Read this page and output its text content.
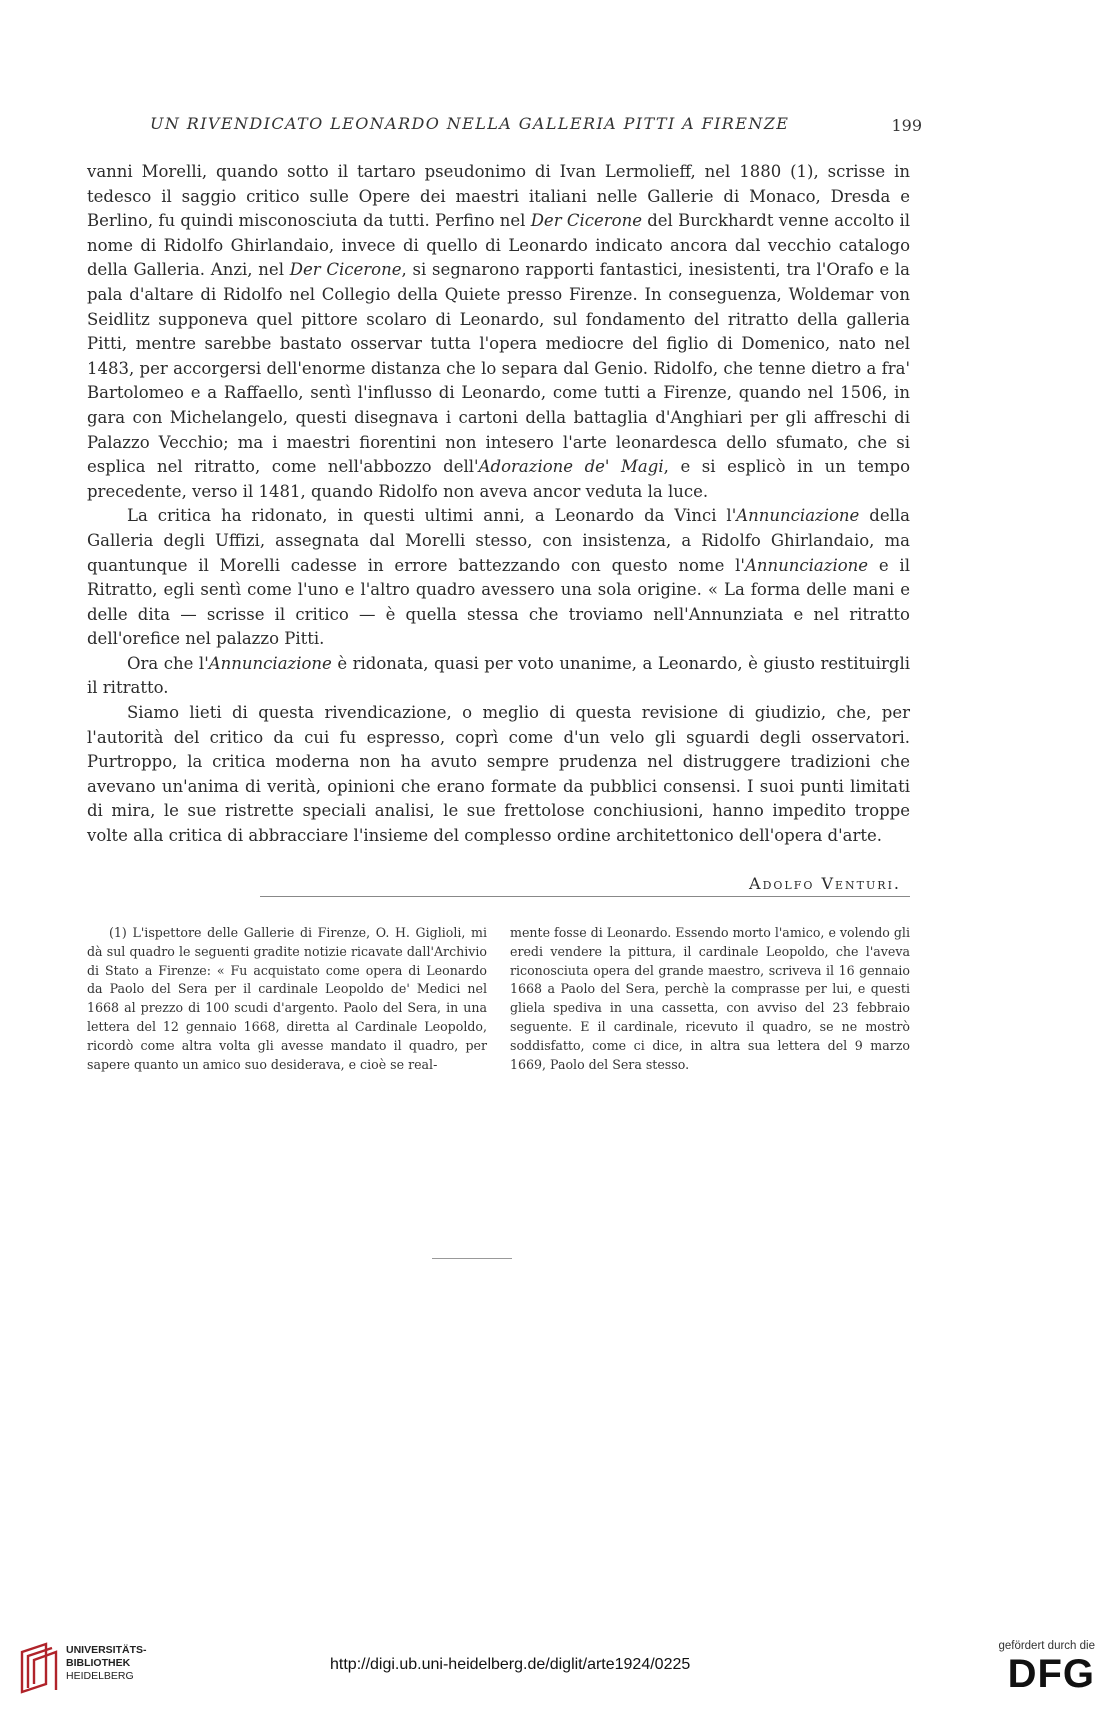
UN RIVENDICATO LEONARDO NELLA GALLERIA PITTI A FIRENZE	199

vanni Morelli, quando sotto il tartaro pseudonimo di Ivan Lermolieff, nel 1880 (1), scrisse in tedesco il saggio critico sulle Opere dei maestri italiani nelle Gallerie di Monaco, Dresda e Berlino, fu quindi misconosciuta da tutti. Perfino nel Der Cicerone del Burckhardt venne accolto il nome di Ridolfo Ghirlandaio, invece di quello di Leonardo indicato ancora dal vecchio catalogo della Galleria. Anzi, nel Der Cicerone, si segnarono rapporti fantastici, inesistenti, tra l'Orafo e la pala d'altare di Ridolfo nel Collegio della Quiete presso Firenze. In conseguenza, Woldemar von Seidlitz supponeva quel pittore scolaro di Leonardo, sul fondamento del ritratto della galleria Pitti, mentre sarebbe bastato osservar tutta l'opera mediocre del figlio di Domenico, nato nel 1483, per accorgersi dell'enorme distanza che lo separa dal Genio. Ridolfo, che tenne dietro a fra' Bartolomeo e a Raffaello, sentì l'influsso di Leonardo, come tutti a Firenze, quando nel 1506, in gara con Michelangelo, questi disegnava i cartoni della battaglia d'Anghiari per gli affreschi di Palazzo Vecchio; ma i maestri fiorentini non intesero l'arte leonardesca dello sfumato, che si esplica nel ritratto, come nell'abbozzo dell'Adorazione de' Magi, e si esplicò in un tempo precedente, verso il 1481, quando Ridolfo non aveva ancor veduta la luce.

La critica ha ridonato, in questi ultimi anni, a Leonardo da Vinci l'Annunciazione della Galleria degli Uffizi, assegnata dal Morelli stesso, con insistenza, a Ridolfo Ghirlandaio, ma quantunque il Morelli cadesse in errore battezzando con questo nome l'Annunciazione e il Ritratto, egli sentì come l'uno e l'altro quadro avessero una sola origine. « La forma delle mani e delle dita — scrisse il critico — è quella stessa che troviamo nell'Annunziata e nel ritratto dell'orefice nel palazzo Pitti.

Ora che l'Annunciazione è ridonata, quasi per voto unanime, a Leonardo, è giusto restituirgli il ritratto.

Siamo lieti di questa rivendicazione, o meglio di questa revisione di giudizio, che, per l'autorità del critico da cui fu espresso, coprì come d'un velo gli sguardi degli osservatori. Purtroppo, la critica moderna non ha avuto sempre prudenza nel distruggere tradizioni che avevano un'anima di verità, opinioni che erano formate da pubblici consensi. I suoi punti limitati di mira, le sue ristrette speciali analisi, le sue frettolose conchiusioni, hanno impedito troppe volte alla critica di abbracciare l'insieme del complesso ordine architettonico dell'opera d'arte.

Adolfo Venturi.

(1) L'ispettore delle Gallerie di Firenze, O. H. Giglioli, mi dà sul quadro le seguenti gradite notizie ricavate dall'Archivio di Stato a Firenze: « Fu acquistato come opera di Leonardo da Paolo del Sera per il cardinale Leopoldo de' Medici nel 1668 al prezzo di 100 scudi d'argento. Paolo del Sera, in una lettera del 12 gennaio 1668, diretta al Cardinale Leopoldo, ricordò come altra volta gli avesse mandato il quadro, per sapere quanto un amico suo desiderava, e cioè se real-

mente fosse di Leonardo. Essendo morto l'amico, e volendo gli eredi vendere la pittura, il cardinale Leopoldo, che l'aveva riconosciuta opera del grande maestro, scriveva il 16 gennaio 1668 a Paolo del Sera, perchè la comprasse per lui, e questi gliela spediva in una cassetta, con avviso del 23 febbraio seguente. E il cardinale, ricevuto il quadro, se ne mostrò soddisfatto, come ci dice, in altra sua lettera del 9 marzo 1669, Paolo del Sera stesso.

UNIVERSITÄTS-
BIBLIOTHEK
HEIDELBERG
http://digi.ub.uni-heidelberg.de/diglit/arte1924/0225
gefördert durch die
DFG
